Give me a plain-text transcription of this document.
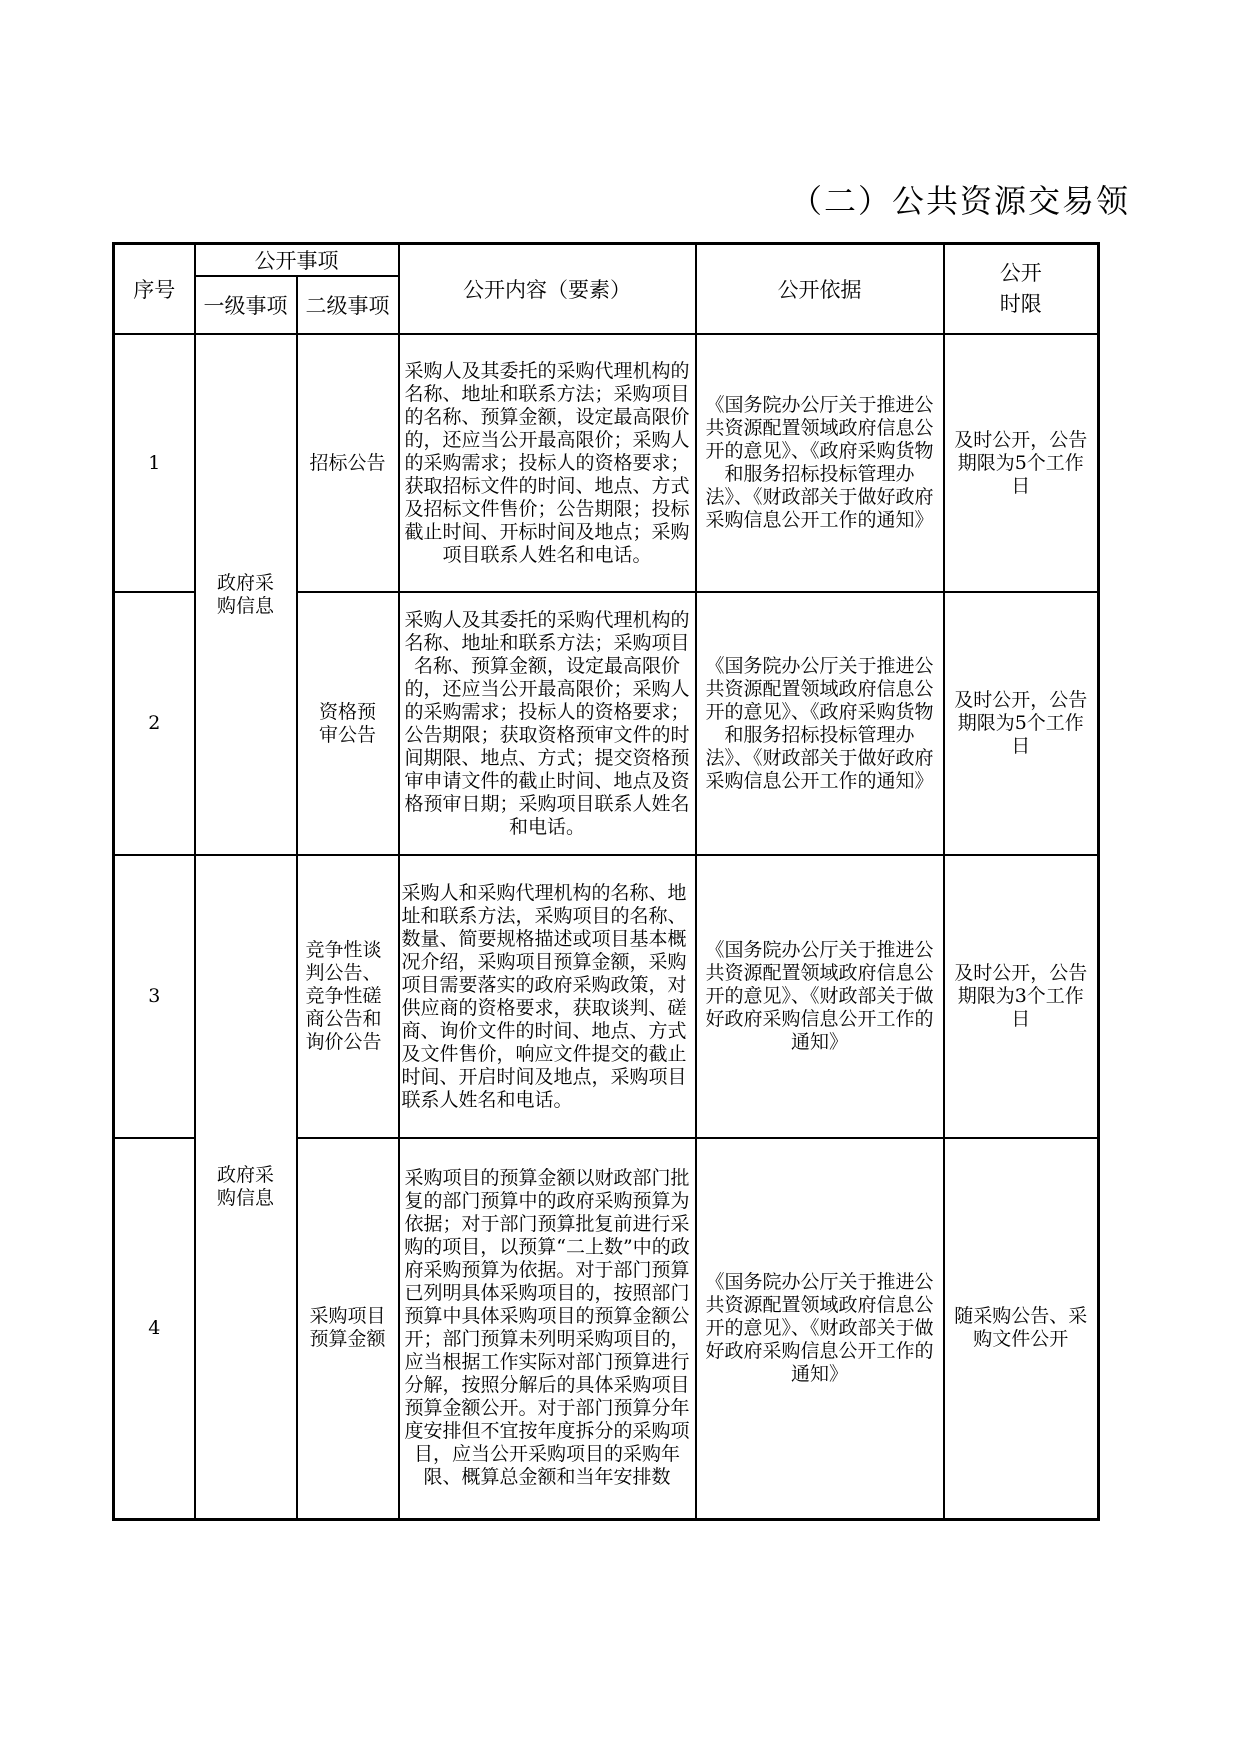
（二）公共资源交易领
序号	公开事项		公开内容（要素）	公开依据	公开
时限
	一级事项	二级事项			
1	政府采购信息	招标公告	采购人及其委托的采购代理机构的名称、地址和联系方法；采购项目的名称、预算金额，设定最高限价的，还应当公开最高限价；采购人的采购需求；投标人的资格要求；获取招标文件的时间、地点、方式及招标文件售价；公告期限；投标截止时间、开标时间及地点；采购项目联系人姓名和电话。	《国务院办公厅关于推进公共资源配置领域政府信息公开的意见》、《政府采购货物和服务招标投标管理办法》、《财政部关于做好政府采购信息公开工作的通知》	及时公开，公告期限为5个工作日
2		资格预审公告	采购人及其委托的采购代理机构的名称、地址和联系方法；采购项目名称、预算金额，设定最高限价的，还应当公开最高限价；采购人的采购需求；投标人的资格要求；公告期限；获取资格预审文件的时间期限、地点、方式；提交资格预审申请文件的截止时间、地点及资格预审日期；采购项目联系人姓名和电话。	《国务院办公厅关于推进公共资源配置领域政府信息公开的意见》、《政府采购货物和服务招标投标管理办法》、《财政部关于做好政府采购信息公开工作的通知》	及时公开，公告期限为5个工作日
3	政府采购信息	竞争性谈判公告、竞争性磋商公告和询价公告	采购人和采购代理机构的名称、地址和联系方法，采购项目的名称、数量、简要规格描述或项目基本概况介绍，采购项目预算金额，采购项目需要落实的政府采购政策，对供应商的资格要求，获取谈判、磋商、询价文件的时间、地点、方式及文件售价，响应文件提交的截止时间、开启时间及地点，采购项目联系人姓名和电话。	《国务院办公厅关于推进公共资源配置领域政府信息公开的意见》、《财政部关于做好政府采购信息公开工作的通知》	及时公开，公告期限为3个工作日
4		采购项目预算金额	采购项目的预算金额以财政部门批复的部门预算中的政府采购预算为依据；对于部门预算批复前进行采购的项目，以预算“二上数”中的政府采购预算为依据。对于部门预算已列明具体采购项目的，按照部门预算中具体采购项目的预算金额公开；部门预算未列明采购项目的，应当根据工作实际对部门预算进行分解，按照分解后的具体采购项目预算金额公开。对于部门预算分年度安排但不宜按年度拆分的采购项目，应当公开采购项目的采购年限、概算总金额和当年安排数	《国务院办公厅关于推进公共资源配置领域政府信息公开的意见》、《财政部关于做好政府采购信息公开工作的通知》	随采购公告、采购文件公开
